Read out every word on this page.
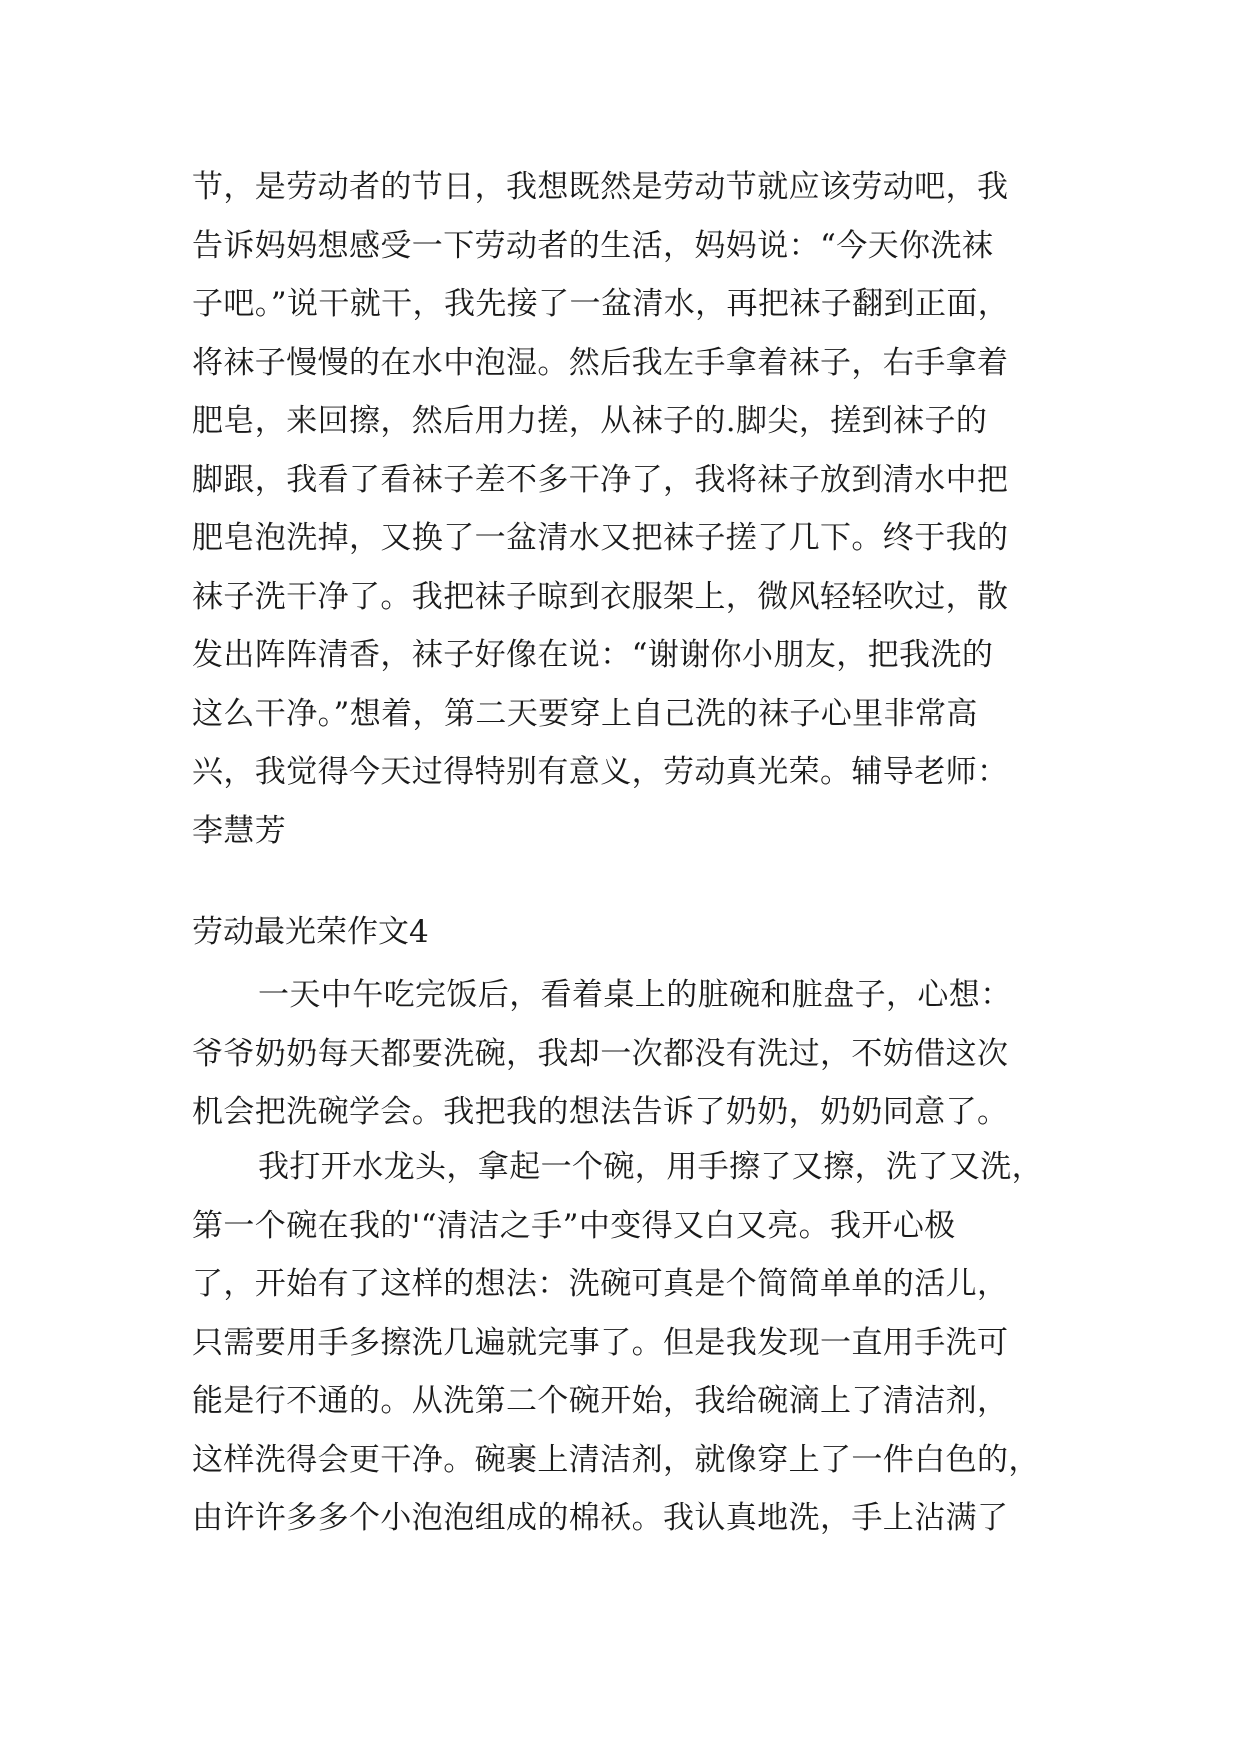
节，是劳动者的节日，我想既然是劳动节就应该劳动吧，我
告诉妈妈想感受一下劳动者的生活，妈妈说：“今天你洗袜
子吧。”说干就干，我先接了一盆清水，再把袜子翻到正面，
将袜子慢慢的在水中泡湿。然后我左手拿着袜子，右手拿着
肥皂，来回擦，然后用力搓，从袜子的.脚尖，搓到袜子的
脚跟，我看了看袜子差不多干净了，我将袜子放到清水中把
肥皂泡洗掉，又换了一盆清水又把袜子搓了几下。终于我的
袜子洗干净了。我把袜子晾到衣服架上，微风轻轻吹过，散
发出阵阵清香，袜子好像在说：“谢谢你小朋友，把我洗的
这么干净。”想着，第二天要穿上自己洗的袜子心里非常高
兴，我觉得今天过得特别有意义，劳动真光荣。辅导老师：
李慧芳
劳动最光荣作文4
一天中午吃完饭后，看着桌上的脏碗和脏盘子，心想：
爷爷奶奶每天都要洗碗，我却一次都没有洗过，不妨借这次
机会把洗碗学会。我把我的想法告诉了奶奶，奶奶同意了。
我打开水龙头，拿起一个碗，用手擦了又擦，洗了又洗，
第一个碗在我的'“清洁之手”中变得又白又亮。我开心极
了，开始有了这样的想法：洗碗可真是个简简单单的活儿，
只需要用手多擦洗几遍就完事了。但是我发现一直用手洗可
能是行不通的。从洗第二个碗开始，我给碗滴上了清洁剂，
这样洗得会更干净。碗裹上清洁剂，就像穿上了一件白色的，
由许许多多个小泡泡组成的棉袄。我认真地洗，手上沾满了
